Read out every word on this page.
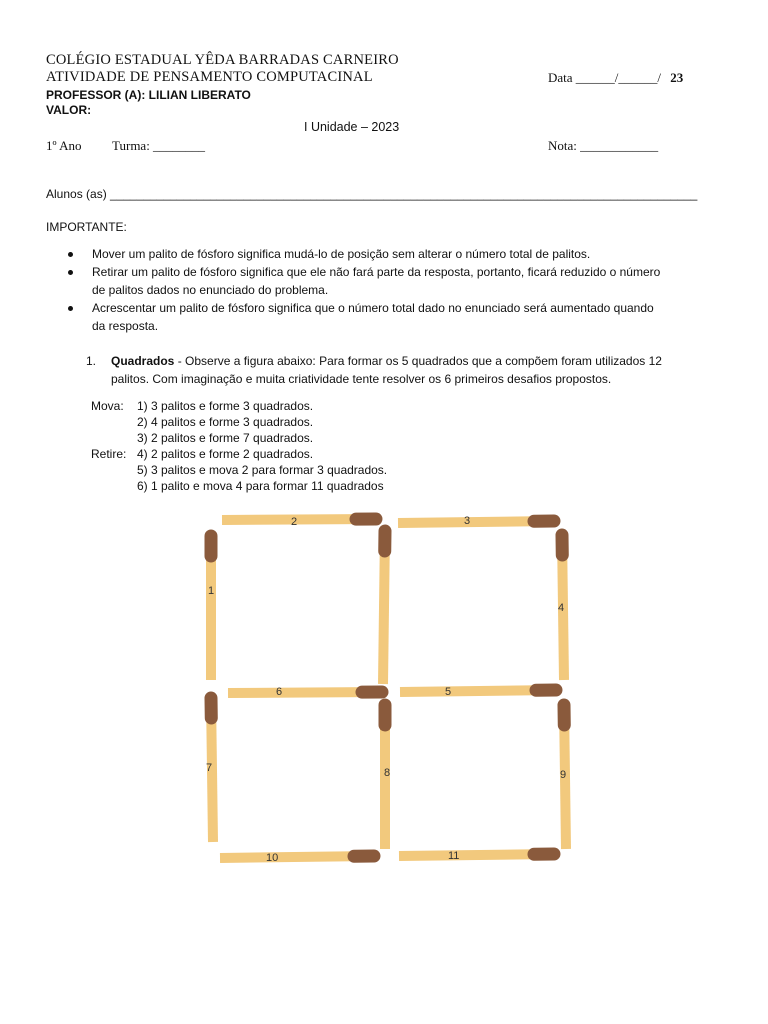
COLÉGIO ESTADUAL YÊDA BARRADAS CARNEIRO
ATIVIDADE DE PENSAMENTO COMPUTACINAL	Data ______/______/ 23
PROFESSOR (A): LILIAN LIBERATO
VALOR:
I Unidade – 2023
1º Ano Turma: ________	Nota: ____________
Alunos (as) ________________________________________________________________________________________
IMPORTANTE:
Mover um palito de fósforo significa mudá-lo de posição sem alterar o número total de palitos.
Retirar um palito de fósforo significa que ele não fará parte da resposta, portanto, ficará reduzido o número
de palitos dados no enunciado do problema.
Acrescentar um palito de fósforo significa que o número total dado no enunciado será aumentado quando
da resposta.
1. Quadrados - Observe a figura abaixo: Para formar os 5 quadrados que a compõem foram utilizados 12
palitos. Com imaginação e muita criatividade tente resolver os 6 primeiros desafios propostos.
Mova: 1) 3 palitos e forme 3 quadrados.
2) 4 palitos e forme 3 quadrados.
3) 2 palitos e forme 7 quadrados.
Retire: 4) 2 palitos e forme 2 quadrados.
5) 3 palitos e mova 2 para formar 3 quadrados.
6) 1 palito e mova 4 para formar 11 quadrados
2	3
1
4
6	5
7	8	9
10	11
